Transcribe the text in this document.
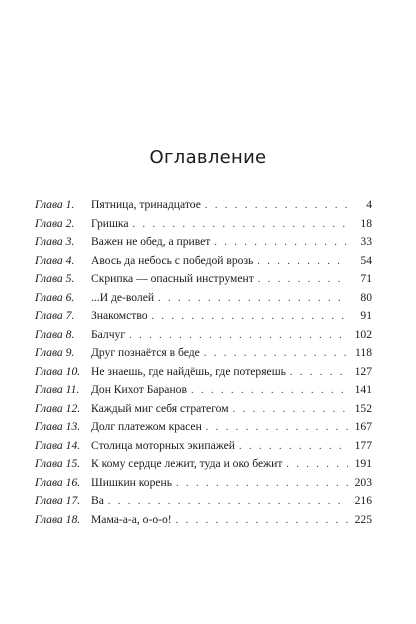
Оглавление
Глава 1.	Пятница, тринадцатое . . .	4
Глава 2.	Гришка . . .	18
Глава 3.	Важен не обед, а привет . . .	33
Глава 4.	Авось да небось с победой врозь . . .	54
Глава 5.	Скрипка — опасный инструмент . . .	71
Глава 6.	...И де-волей . . .	80
Глава 7.	Знакомство . . .	91
Глава 8.	Балчуг . . .	102
Глава 9.	Друг познаётся в беде . . .	118
Глава 10. Не знаешь, где найдёшь, где потеряешь . . .	127
Глава 11.	Дон Кихот Баранов . . .	141
Глава 12. Каждый миг себя стратегом . . .	152
Глава 13. Долг платежом красен . . .	167
Глава 14. Столица моторных экипажей . . .	177
Глава 15. К кому сердце лежит, туда и око бежит . . .	191
Глава 16. Шишкин корень . . .	203
Глава 17. Ва . . .	216
Глава 18. Мама-а-а, о-о-о! . . .	225
